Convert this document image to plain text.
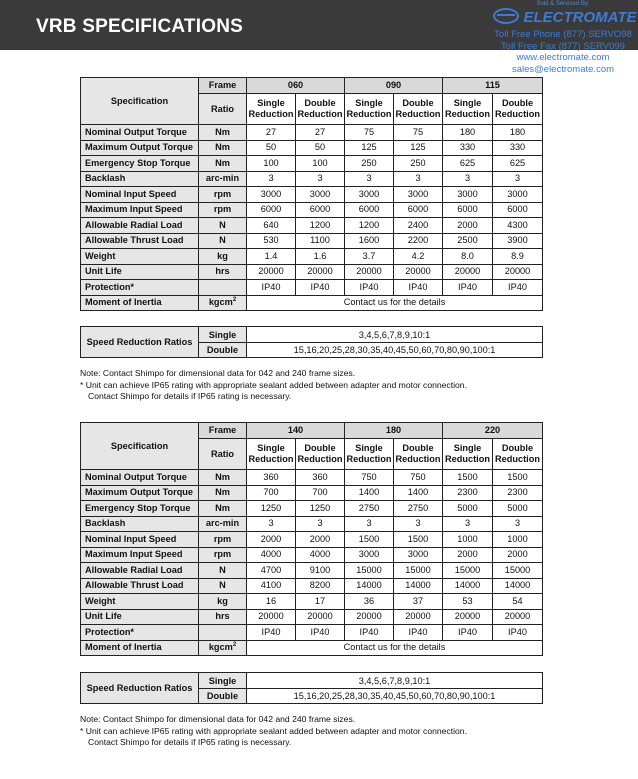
VRB SPECIFICATIONS
Sold & Serviced By:
ELECTROMATE
Toll Free Phone (877) SERVO98
Toll Free Fax (877) SERV099
www.electromate.com
sales@electromate.com
Specification	Frame	060		090		115	
	Ratio	Single Reduction	Double Reduction	Single Reduction	Double Reduction	Single Reduction	Double Reduction
Nominal Output Torque	Nm	27	27	75	75	180	180
Maximum Output Torque	Nm	50	50	125	125	330	330
Emergency Stop Torque	Nm	100	100	250	250	625	625
Backlash	arc-min	3	3	3	3	3	3
Nominal Input Speed	rpm	3000	3000	3000	3000	3000	3000
Maximum Input Speed	rpm	6000	6000	6000	6000	6000	6000
Allowable Radial Load	N	640	1200	1200	2400	2000	4300
Allowable Thrust Load	N	530	1100	1600	2200	2500	3900
Weight	kg	1.4	1.6	3.7	4.2	8.0	8.9
Unit Life	hrs	20000	20000	20000	20000	20000	20000
Protection*		IP40	IP40	IP40	IP40	IP40	IP40
Moment of Inertia	kgcm$^2$	Contact us for the details					
Speed Reduction Ratios	Single	3,4,5,6,7,8,9,10:1
	Double	15,16,20,25,28,30,35,40,45,50,60,70,80,90,100:1
Note: Contact Shimpo for dimensional data for 042 and 240 frame sizes.
* Unit can achieve IP65 rating with appropriate sealant added between adapter and motor connection.
Contact Shimpo for details if IP65 rating is necessary.
Specification	Frame	140		180		220	
	Ratio	Single Reduction	Double Reduction	Single Reduction	Double Reduction	Single Reduction	Double Reduction
Nominal Output Torque	Nm	360	360	750	750	1500	1500
Maximum Output Torque	Nm	700	700	1400	1400	2300	2300
Emergency Stop Torque	Nm	1250	1250	2750	2750	5000	5000
Backlash	arc-min	3	3	3	3	3	3
Nominal Input Speed	rpm	2000	2000	1500	1500	1000	1000
Maximum Input Speed	rpm	4000	4000	3000	3000	2000	2000
Allowable Radial Load	N	4700	9100	15000	15000	15000	15000
Allowable Thrust Load	N	4100	8200	14000	14000	14000	14000
Weight	kg	16	17	36	37	53	54
Unit Life	hrs	20000	20000	20000	20000	20000	20000
Protection*		IP40	IP40	IP40	IP40	IP40	IP40
Moment of Inertia	kgcm$^2$	Contact us for the details					
Speed Reduction Ratios	Single	3,4,5,6,7,8,9,10:1
	Double	15,16,20,25,28,30,35,40,45,50,60,70,80,90,100:1
Note: Contact Shimpo for dimensional data for 042 and 240 frame sizes.
* Unit can achieve IP65 rating with appropriate sealant added between adapter and motor connection.
Contact Shimpo for details if IP65 rating is necessary.
